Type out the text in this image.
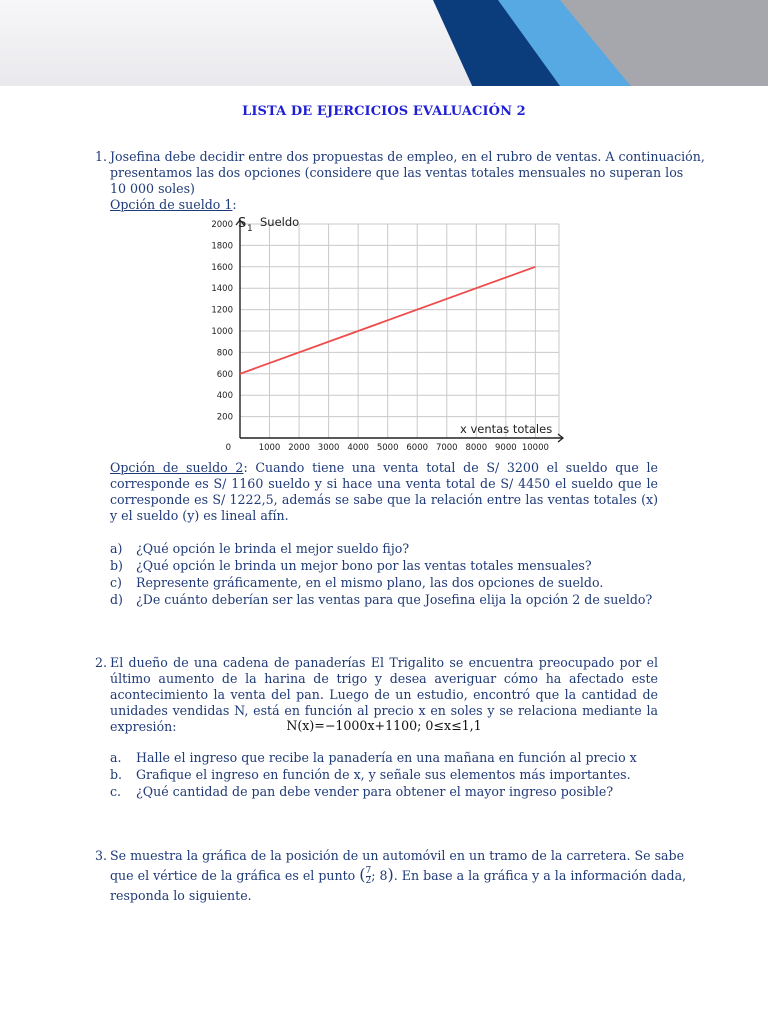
LISTA DE EJERCICIOS EVALUACIÓN 2
1. Josefina debe decidir entre dos propuestas de empleo, en el rubro de ventas. A continuación,
presentamos las dos opciones (considere que las ventas totales mensuales no superan los
10 000 soles)
Opción de sueldo 1:
1000 2000 3000 4000 5000 6000 7000 8000 9000 10000
200
400
600
800
1000
1200
1400
1600
1800
2000
0
S 1 Sueldo
x ventas totales
Opción de sueldo 2: Cuando tiene una venta total de S/ 3200 el sueldo que le corresponde es S/ 1160 sueldo y si hace una venta total de S/ 4450 el sueldo que le corresponde es S/ 1222,5, además se sabe que la relación entre las ventas totales (x) y el sueldo (y) es lineal afín.
a) ¿Qué opción le brinda el mejor sueldo fijo?
b) ¿Qué opción le brinda un mejor bono por las ventas totales mensuales?
c) Represente gráficamente, en el mismo plano, las dos opciones de sueldo.
d) ¿De cuánto deberían ser las ventas para que Josefina elija la opción 2 de sueldo?
2. El dueño de una cadena de panaderías El Trigalito se encuentra preocupado por el último aumento de la harina de trigo y desea averiguar cómo ha afectado este acontecimiento la venta del pan. Luego de un estudio, encontró que la cantidad de unidades vendidas N, está en función al precio x en soles y se relaciona mediante la expresión:	N(x)=−1000x+1100; 0≤x≤1,1
a. Halle el ingreso que recibe la panadería en una mañana en función al precio x
b. Grafique el ingreso en función de x, y señale sus elementos más importantes.
c. ¿Qué cantidad de pan debe vender para obtener el mayor ingreso posible?
3. Se muestra la gráfica de la posición de un automóvil en un tramo de la carretera. Se sabe
que el vértice de la gráfica es el punto ( $\frac{7}{2}$ ; 8). En base a la gráfica y a la información dada,
responda lo siguiente.
